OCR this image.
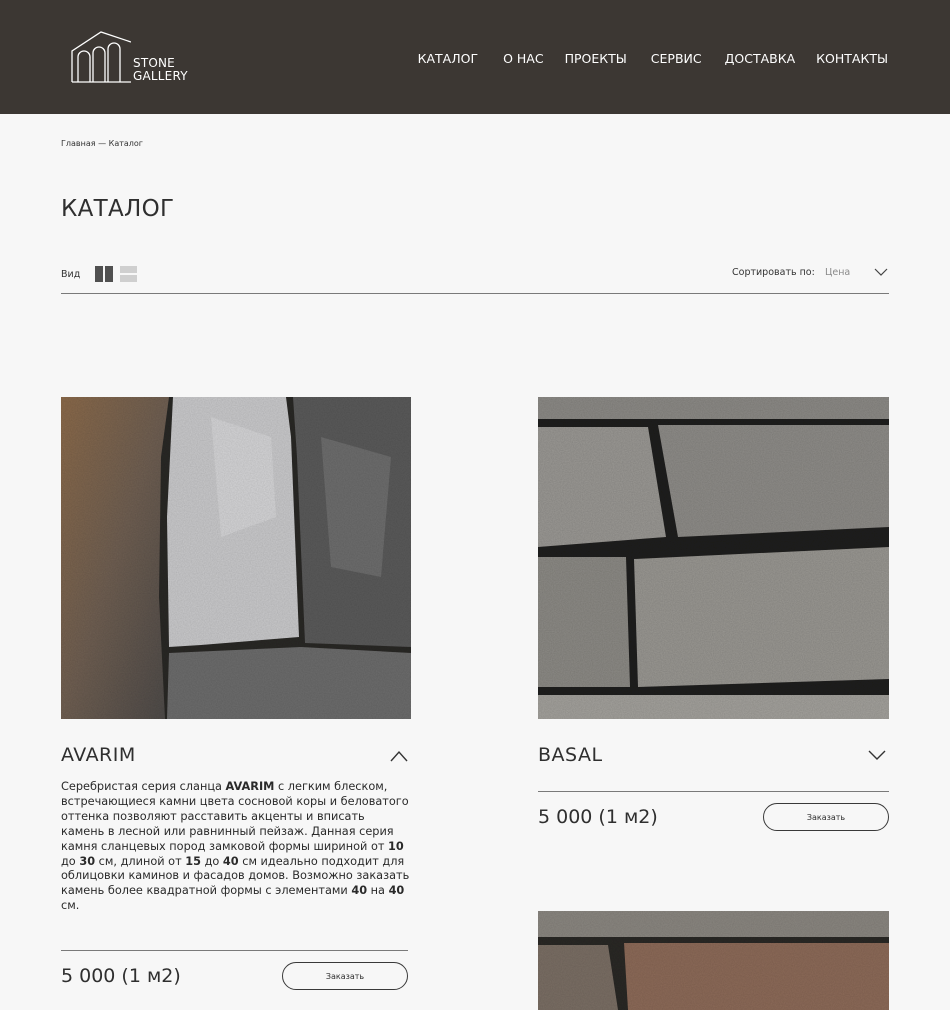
STONE
GALLERY
КАТАЛОГ О НАС ПРОЕКТЫ СЕРВИС ДОСТАВКА КОНТАКТЫ
Главная — Каталог
КАТАЛОГ
Вид	Сортировать по: Цена
AVARIM
Серебристая серия сланца AVARIM с легким блеском, встречающиеся камни цвета сосновой коры и беловатого оттенка позволяют расставить акценты и вписать камень в лесной или равнинный пейзаж. Данная серия камня сланцевых пород замковой формы шириной от 10 до 30 см, длиной от 15 до 40 см идеально подходит для облицовки каминов и фасадов домов. Возможно заказать камень более квадратной формы с элементами 40 на 40 см.
5 000 (1 м2)	Заказать
BASAL
5 000 (1 м2)	Заказать
